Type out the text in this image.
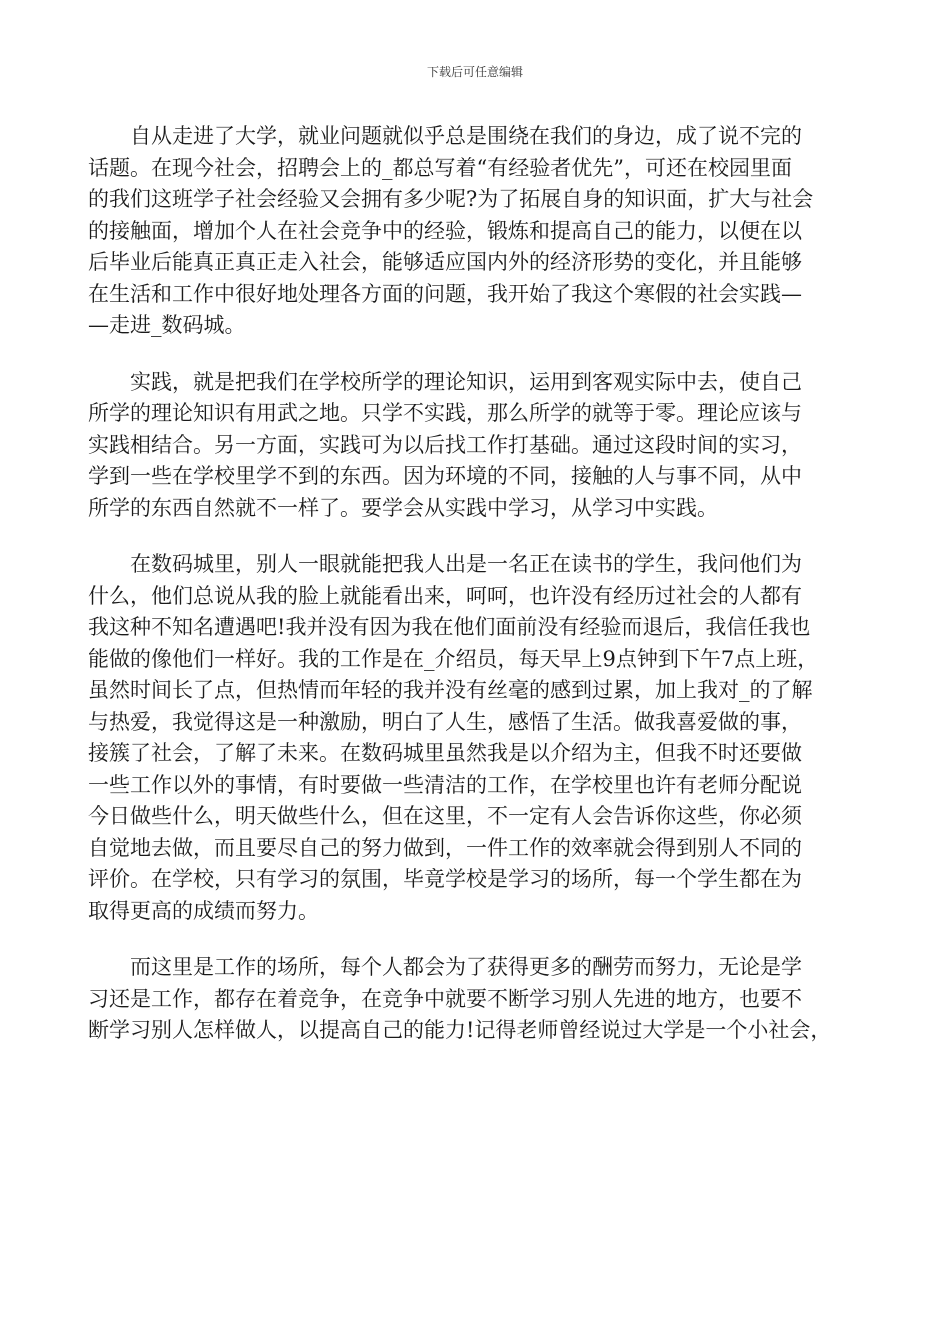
下载后可任意编辑

　　自从走进了大学，就业问题就似乎总是围绕在我们的身边，成了说不完的
话题。在现今社会，招聘会上的_都总写着“有经验者优先”，可还在校园里面
的我们这班学子社会经验又会拥有多少呢?为了拓展自身的知识面，扩大与社会
的接触面，增加个人在社会竞争中的经验，锻炼和提高自己的能力，以便在以
后毕业后能真正真正走入社会，能够适应国内外的经济形势的变化，并且能够
在生活和工作中很好地处理各方面的问题，我开始了我这个寒假的社会实践—
—走进_数码城。

　　实践，就是把我们在学校所学的理论知识，运用到客观实际中去，使自己
所学的理论知识有用武之地。只学不实践，那么所学的就等于零。理论应该与
实践相结合。另一方面，实践可为以后找工作打基础。通过这段时间的实习，
学到一些在学校里学不到的东西。因为环境的不同，接触的人与事不同，从中
所学的东西自然就不一样了。要学会从实践中学习，从学习中实践。

　　在数码城里，别人一眼就能把我人出是一名正在读书的学生，我问他们为
什么，他们总说从我的脸上就能看出来，呵呵，也许没有经历过社会的人都有
我这种不知名遭遇吧!我并没有因为我在他们面前没有经验而退后，我信任我也
能做的像他们一样好。我的工作是在_介绍员，每天早上9点钟到下午7点上班，
虽然时间长了点，但热情而年轻的我并没有丝毫的感到过累，加上我对_的了解
与热爱，我觉得这是一种激励，明白了人生，感悟了生活。做我喜爱做的事，
接簇了社会，了解了未来。在数码城里虽然我是以介绍为主，但我不时还要做
一些工作以外的事情，有时要做一些清洁的工作，在学校里也许有老师分配说
今日做些什么，明天做些什么，但在这里，不一定有人会告诉你这些，你必须
自觉地去做，而且要尽自己的努力做到，一件工作的效率就会得到别人不同的
评价。在学校，只有学习的氛围，毕竟学校是学习的场所，每一个学生都在为
取得更高的成绩而努力。

　　而这里是工作的场所，每个人都会为了获得更多的酬劳而努力，无论是学
习还是工作，都存在着竞争，在竞争中就要不断学习别人先进的地方，也要不
断学习别人怎样做人，以提高自己的能力!记得老师曾经说过大学是一个小社会，
